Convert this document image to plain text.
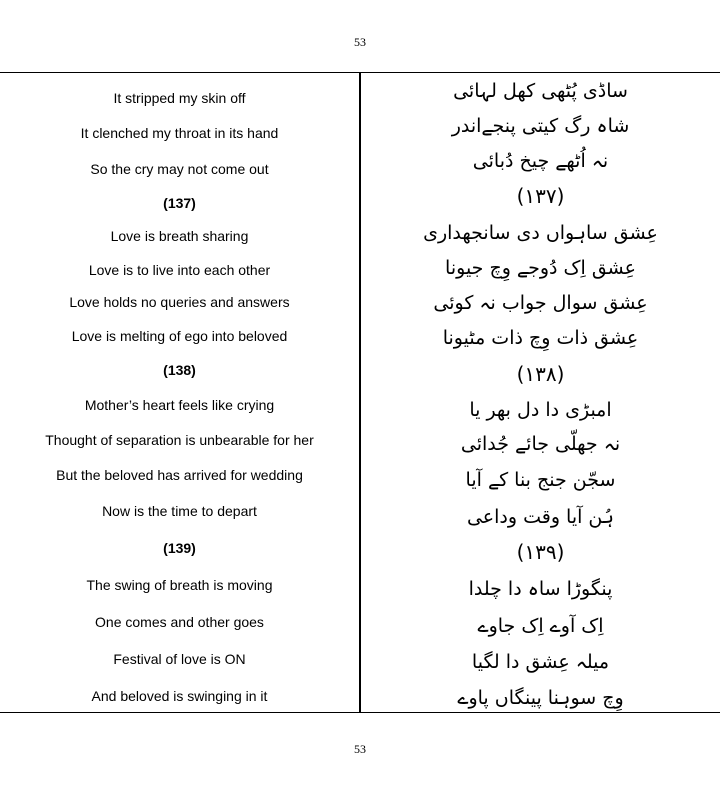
53
It stripped my skin off
It clenched my throat in its hand
So the cry may not come out
(137)
Love is breath sharing
Love is to live into each other
Love holds no queries and answers
Love is melting of ego into beloved
(138)
Mother’s heart feels like crying
Thought of separation is unbearable for her
But the beloved has arrived for wedding
Now is the time to depart
(139)
The swing of breath is moving
One comes and other goes
Festival of love is ON
And beloved is swinging in it
ساڈی پُٹھی کھل لہائی
شاہ رگ کیتی پنجےاندر
نہ اُٹھے چیخ دُبائی
(۱۳۷)
عِشق ساہواں دی سانجھداری
عِشق اِک دُوجے وِچ جیونا
عِشق سوال جواب نہ کوئی
عِشق ذات وِچ ذات مٹیونا
(۱۳۸)
امبڑی دا دل بھر یا
نہ جھلّی جائے جُدائی
سجّن جنج بنا کے آیا
ہُن آیا وقت وداعی
(۱۳۹)
پنگوڑا ساہ دا چلدا
اِک آوے اِک جاوے
میلہ عِشق دا لگیا
وِچ سوہنا پینگاں پاوے
53
